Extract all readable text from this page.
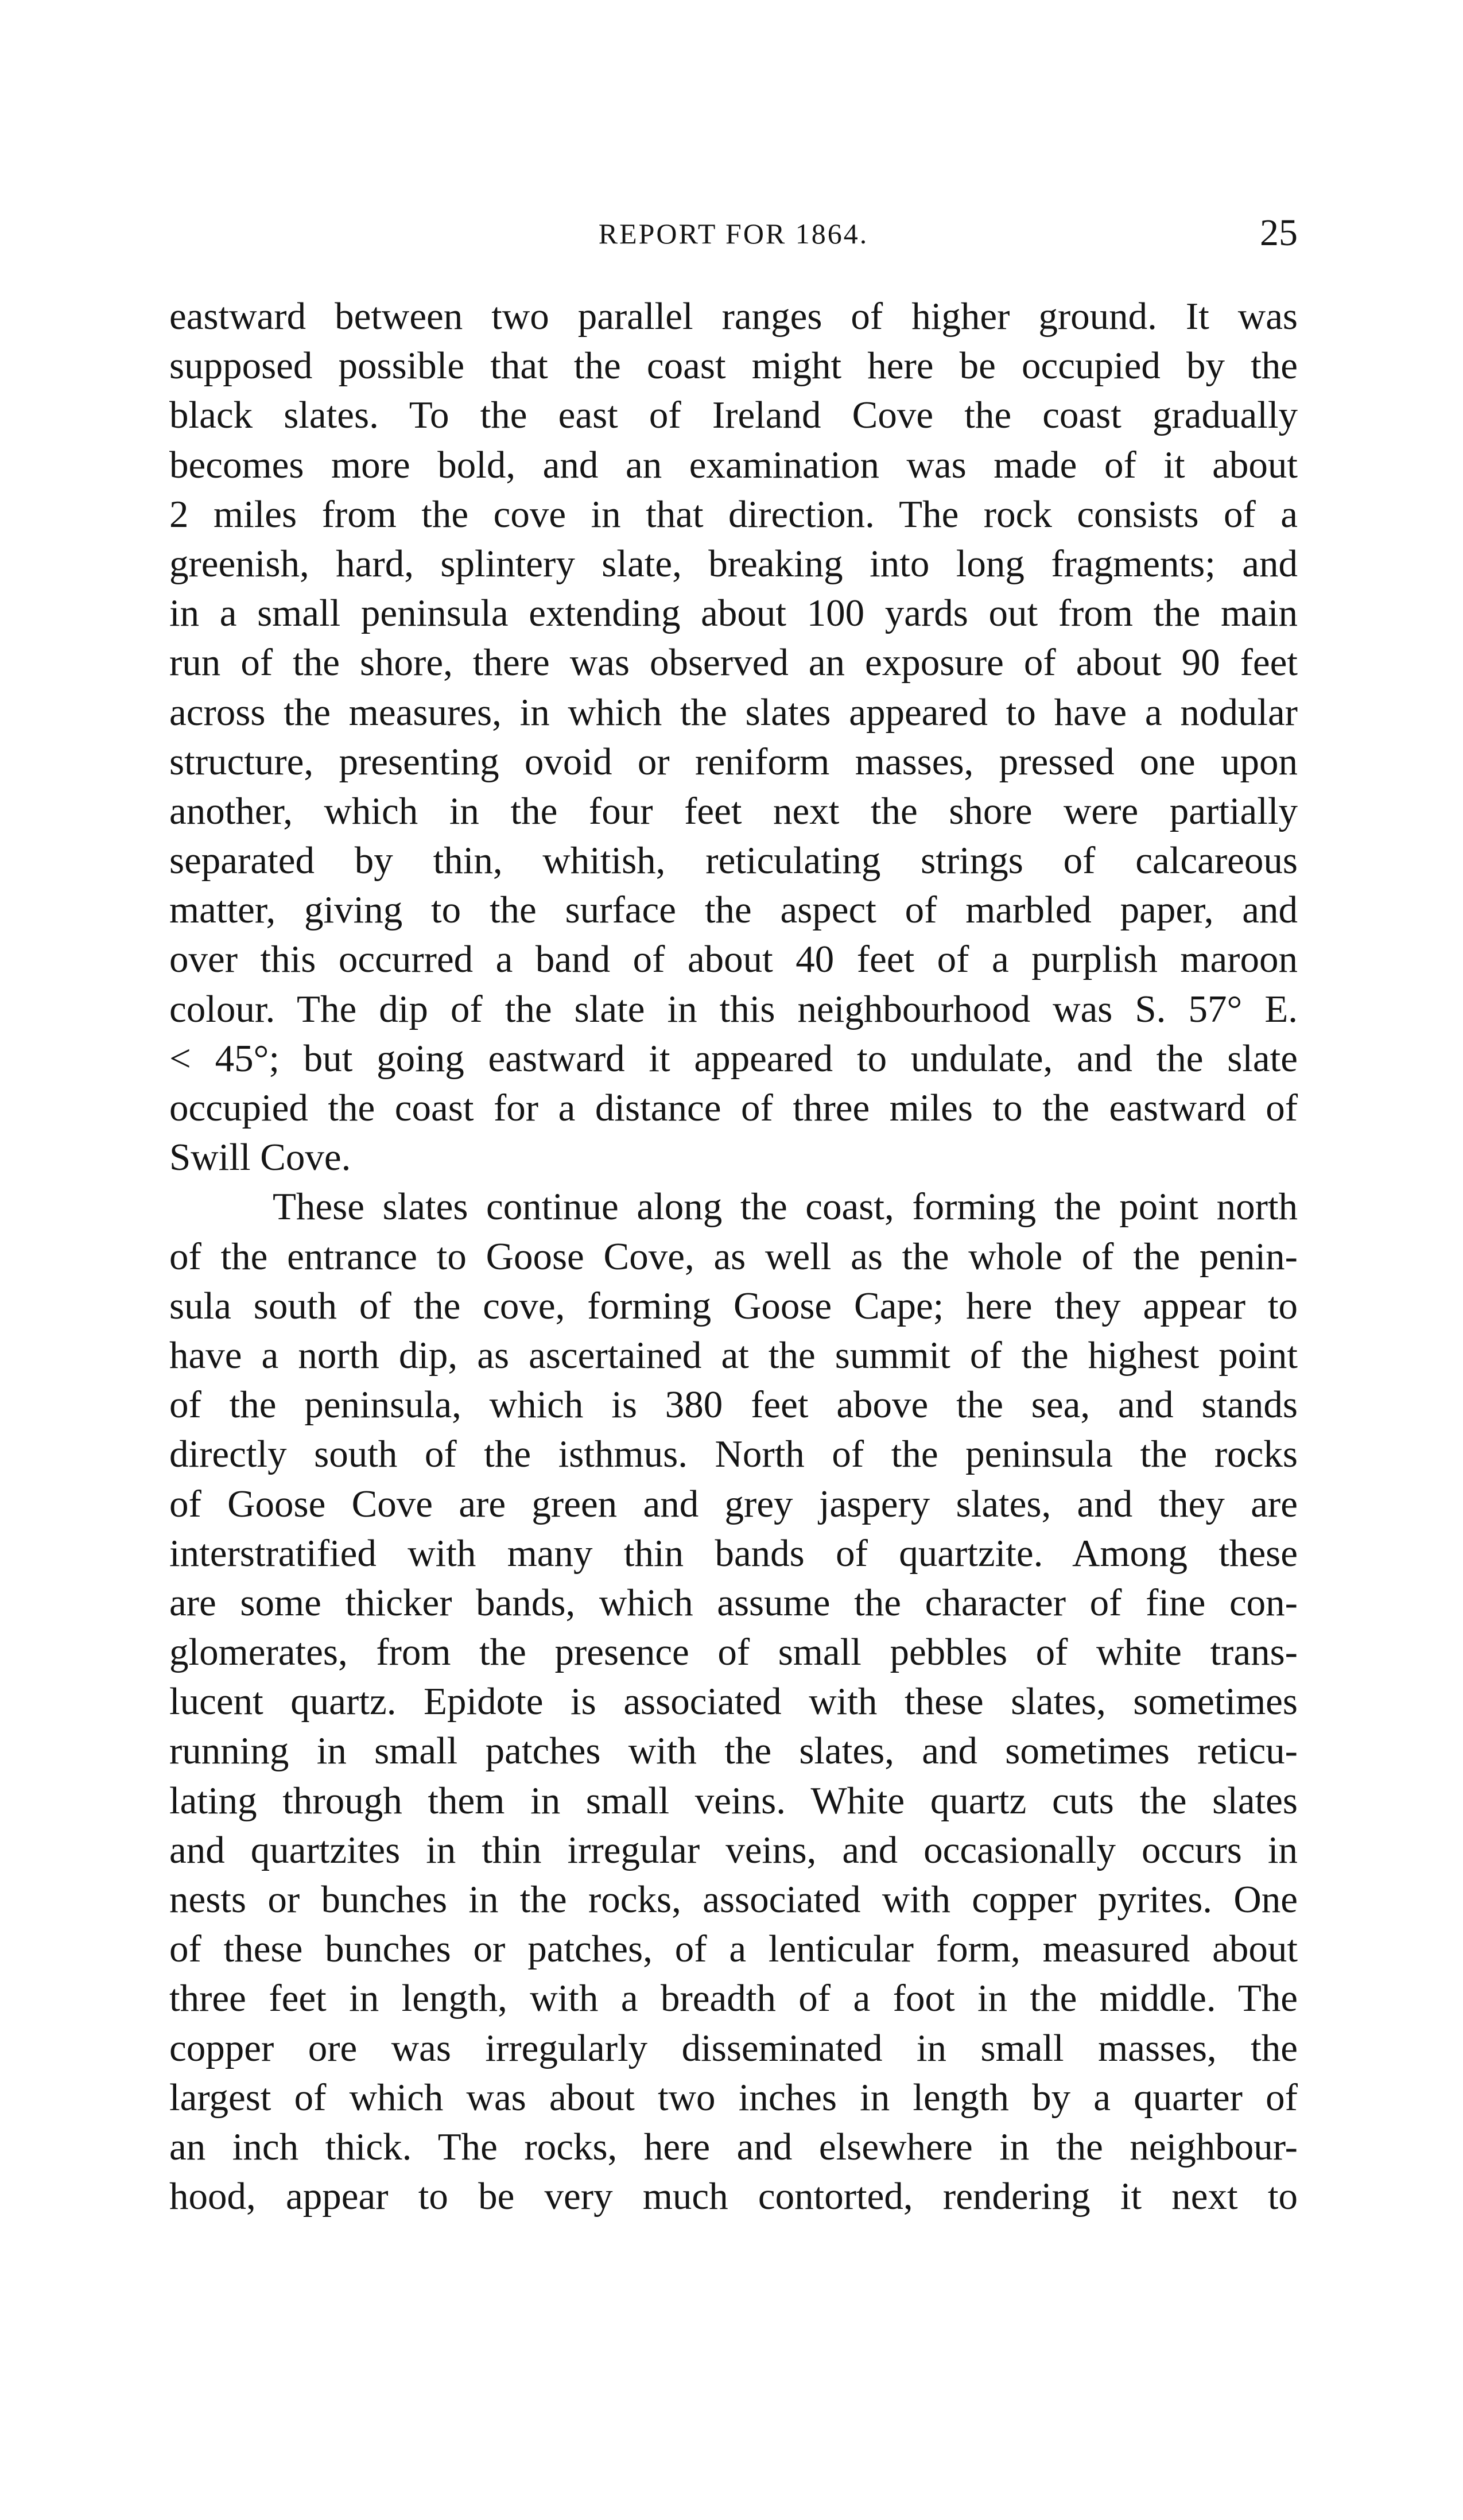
REPORT FOR 1864.	25
eastward between two parallel ranges of higher ground. It was
supposed possible that the coast might here be occupied by the
black slates. To the east of Ireland Cove the coast gradually
becomes more bold, and an examination was made of it about
2 miles from the cove in that direction. The rock consists of a
greenish, hard, splintery slate, breaking into long fragments; and
in a small peninsula extending about 100 yards out from the main
run of the shore, there was observed an exposure of about 90 feet
across the measures, in which the slates appeared to have a nodular
structure, presenting ovoid or reniform masses, pressed one upon
another, which in the four feet next the shore were partially
separated by thin, whitish, reticulating strings of calcareous
matter, giving to the surface the aspect of marbled paper, and
over this occurred a band of about 40 feet of a purplish maroon
colour. The dip of the slate in this neighbourhood was S. 57° E.
< 45°; but going eastward it appeared to undulate, and the slate
occupied the coast for a distance of three miles to the eastward of
Swill Cove.
These slates continue along the coast, forming the point north
of the entrance to Goose Cove, as well as the whole of the penin-
sula south of the cove, forming Goose Cape; here they appear to
have a north dip, as ascertained at the summit of the highest point
of the peninsula, which is 380 feet above the sea, and stands
directly south of the isthmus. North of the peninsula the rocks
of Goose Cove are green and grey jaspery slates, and they are
interstratified with many thin bands of quartzite. Among these
are some thicker bands, which assume the character of fine con-
glomerates, from the presence of small pebbles of white trans-
lucent quartz. Epidote is associated with these slates, sometimes
running in small patches with the slates, and sometimes reticu-
lating through them in small veins. White quartz cuts the slates
and quartzites in thin irregular veins, and occasionally occurs in
nests or bunches in the rocks, associated with copper pyrites. One
of these bunches or patches, of a lenticular form, measured about
three feet in length, with a breadth of a foot in the middle. The
copper ore was irregularly disseminated in small masses, the
largest of which was about two inches in length by a quarter of
an inch thick. The rocks, here and elsewhere in the neighbour-
hood, appear to be very much contorted, rendering it next to
